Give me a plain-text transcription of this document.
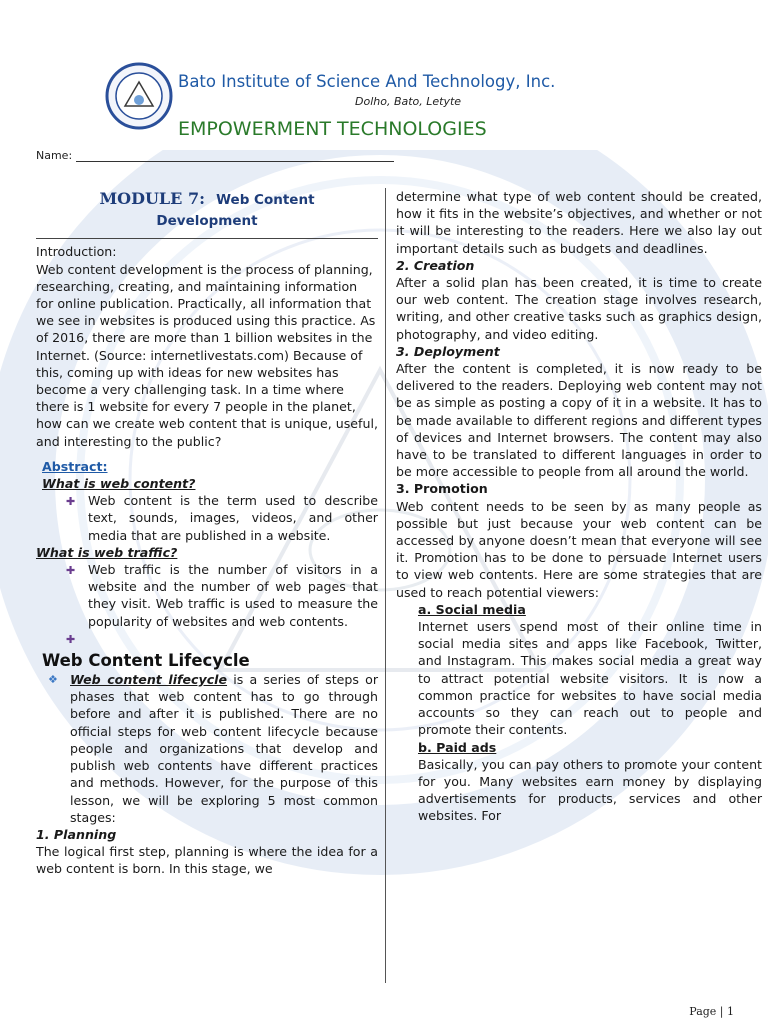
Bato Institute of Science And Technology, Inc.
Dolho, Bato, Letyte
EMPOWERMENT TECHNOLOGIES
Name:
MODULE 7:  Web Content
Development
Introduction:
Web content development is the process of planning, researching, creating, and maintaining information for online publication. Practically, all information that we see in websites is produced using this practice. As of 2016, there are more than 1 billion websites in the Internet. (Source: internetlivestats.com) Because of this, coming up with ideas for new websites has become a very challenging task. In a time where there is 1 website for every 7 people in the planet, how can we create web content that is unique, useful, and interesting to the public?
Abstract:
What is web content?
✚ Web content is the term used to describe text, sounds, images, videos, and other media that are published in a website.
What is web traffic?
✚ Web traffic is the number of visitors in a website and the number of web pages that they visit. Web traffic is used to measure the popularity of websites and web contents.
✚
Web Content Lifecycle
❖ Web content lifecycle is a series of steps or phases that web content has to go through before and after it is published. There are no official steps for web content lifecycle because people and organizations that develop and publish web contents have different practices and methods. However, for the purpose of this lesson, we will be exploring 5 most common stages:
1. Planning
The logical first step, planning is where the idea for a web content is born. In this stage, we
determine what type of web content should be created, how it fits in the website’s objectives, and whether or not it will be interesting to the readers. Here we also lay out important details such as budgets and deadlines.
2. Creation
After a solid plan has been created, it is time to create our web content. The creation stage involves research, writing, and other creative tasks such as graphics design, photography, and video editing.
3. Deployment
After the content is completed, it is now ready to be delivered to the readers. Deploying web content may not be as simple as posting a copy of it in a website. It has to be made available to different regions and different types of devices and Internet browsers. The content may also have to be translated to different languages in order to be more accessible to people from all around the world.
3. Promotion
Web content needs to be seen by as many people as possible but just because your web content can be accessed by anyone doesn’t mean that everyone will see it. Promotion has to be done to persuade Internet users to view web contents. Here are some strategies that are used to reach potential viewers:
a. Social media
Internet users spend most of their online time in social media sites and apps like Facebook, Twitter, and Instagram. This makes social media a great way to attract potential website visitors. It is now a common practice for websites to have social media accounts so they can reach out to people and promote their contents.
b. Paid ads
Basically, you can pay others to promote your content for you. Many websites earn money by displaying advertisements for products, services and other websites. For
Page | 1
